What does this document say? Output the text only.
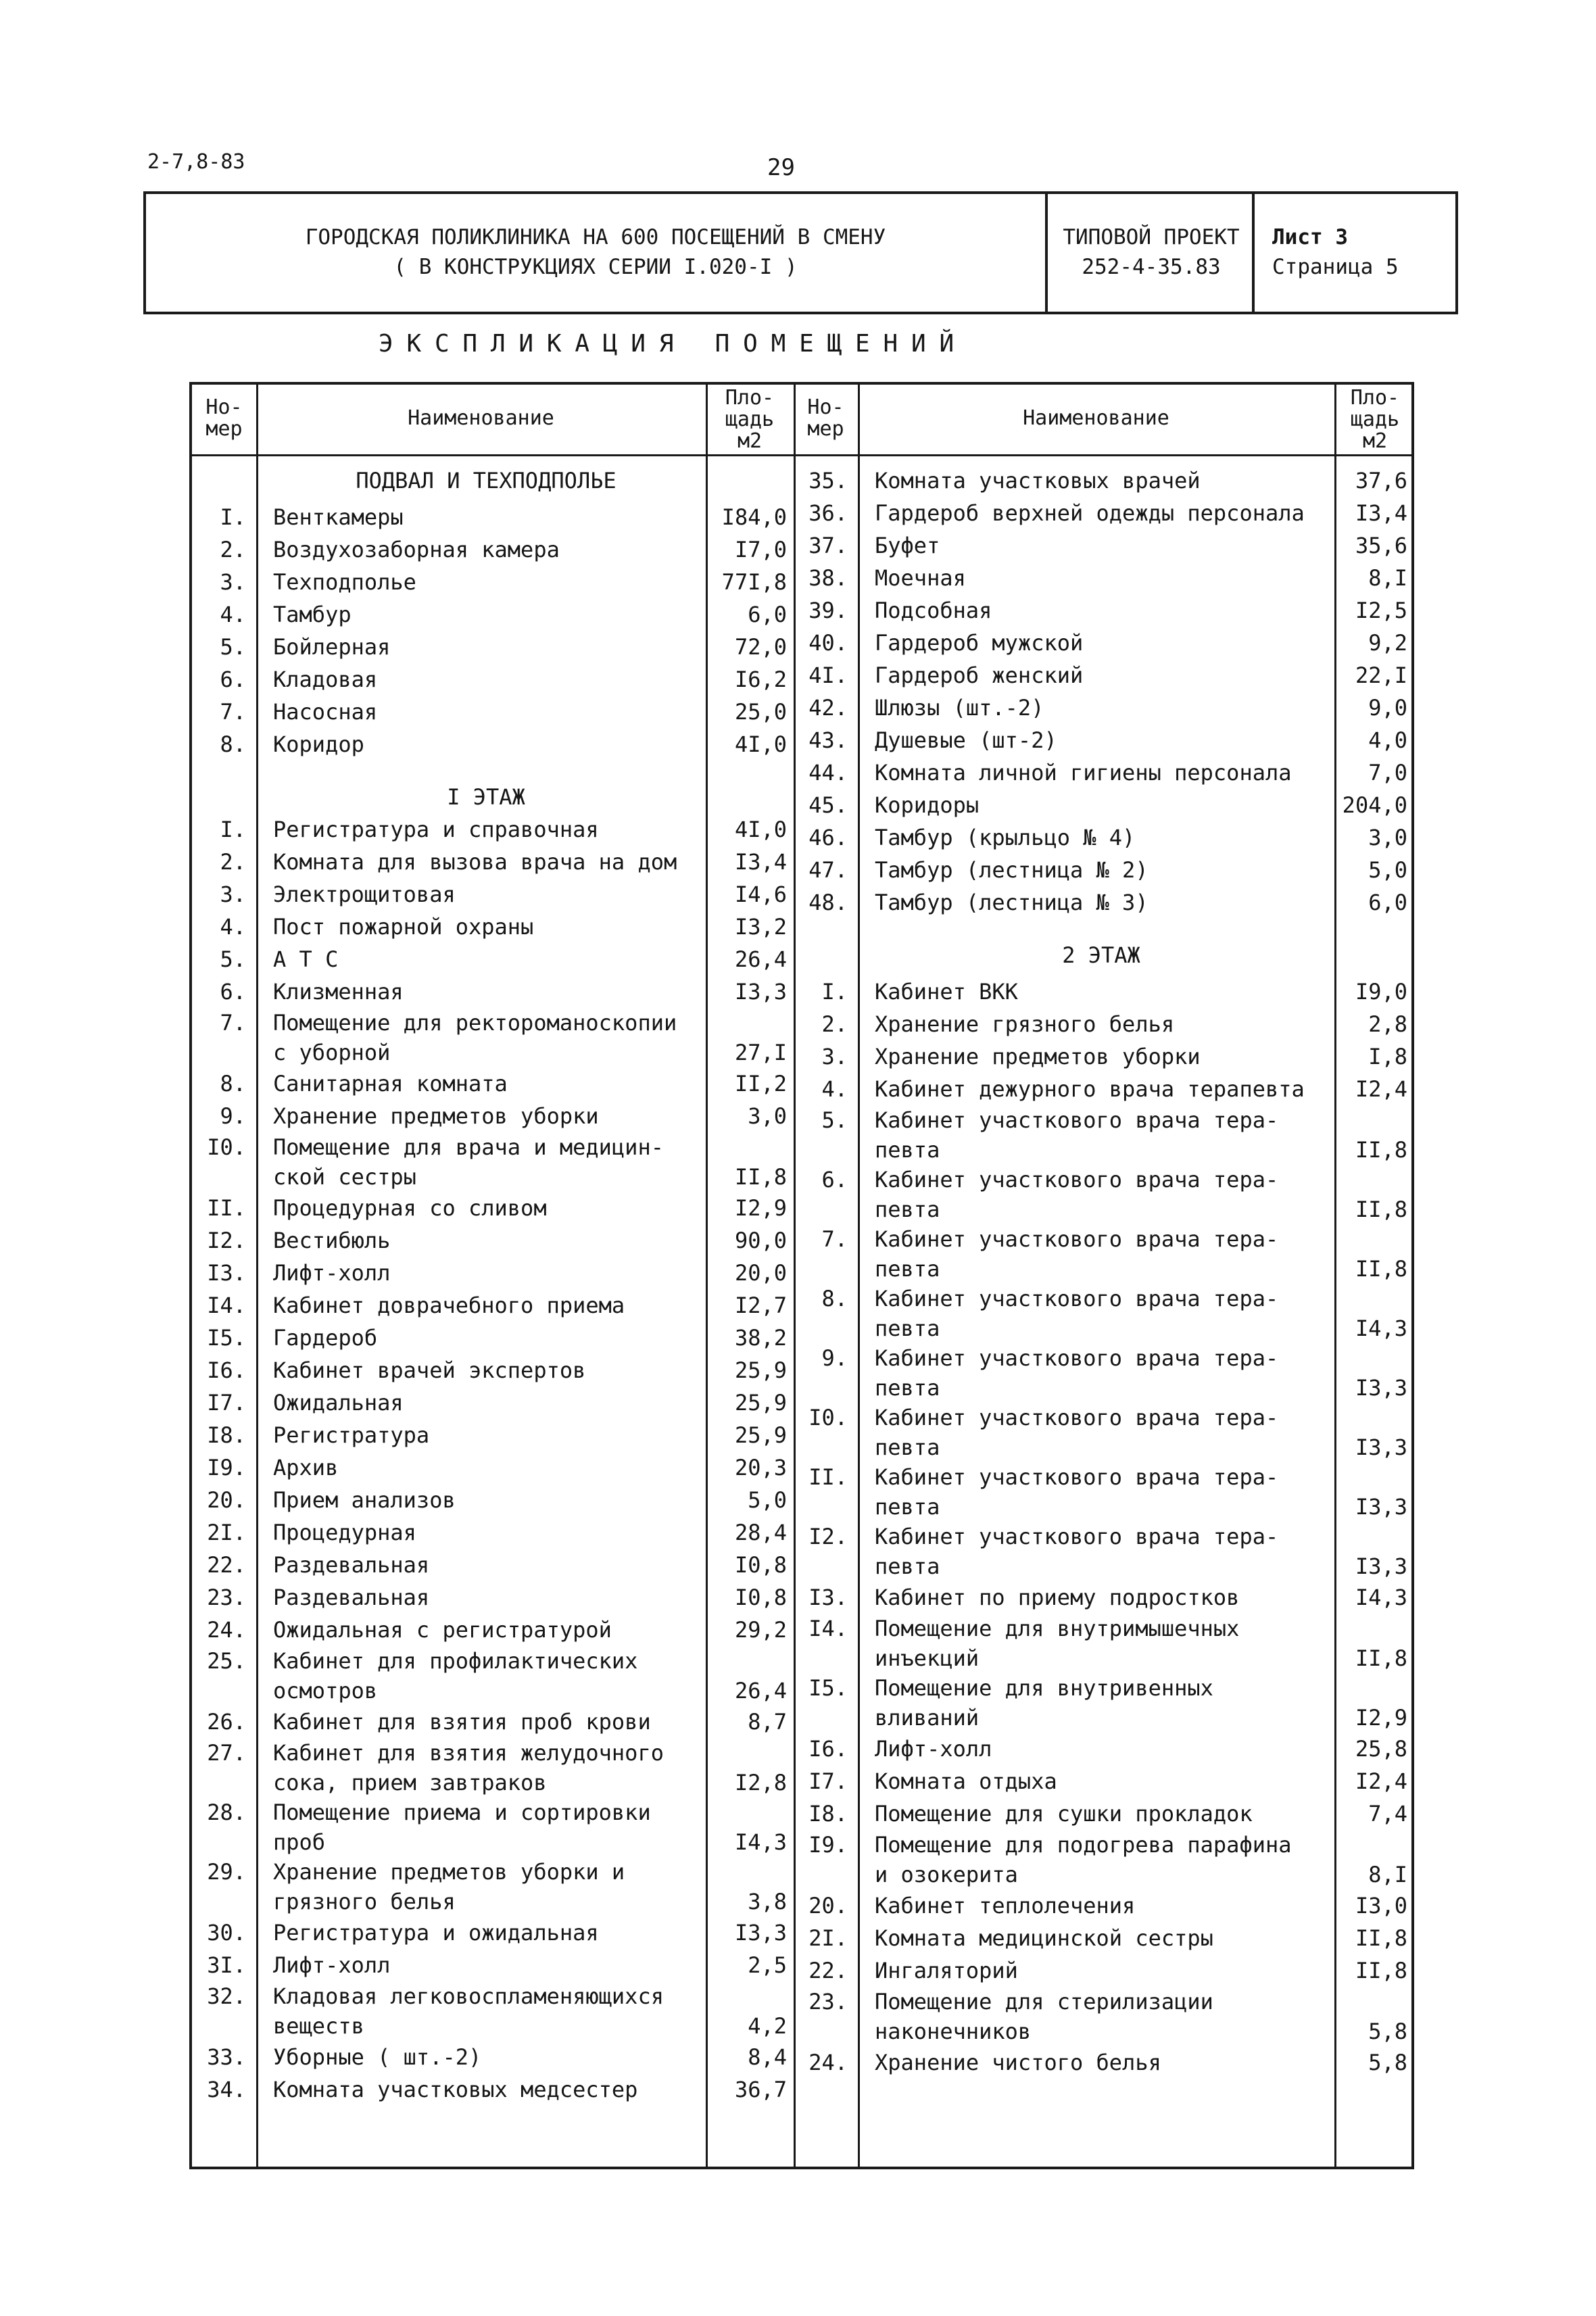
2-7,8-83	29
ГОРОДСКАЯ ПОЛИКЛИНИКА НА 600 ПОСЕЩЕНИЙ В СМЕНУ
( В КОНСТРУКЦИЯХ СЕРИИ I.020-I )
ТИПОВОЙ ПРОЕКТ
252-4-35.83
Лист 3
Страница 5
ЭКСПЛИКАЦИЯ ПОМЕЩЕНИЙ
Но-
мер	Наименование
Пло-
щадь
м2
Но-
мер	Наименование
Пло-
щадь
м2
ПОДВАЛ И ТЕХПОДПОЛЬЕ
I. Венткамеры	I84,0
2. Воздухозаборная камера	I7,0
3. Техподполье	77I,8
4. Тамбур	6,0
5. Бойлерная	72,0
6. Кладовая	I6,2
7. Насосная	25,0
8. Коридор	4I,0
I ЭТАЖ
I. Регистратура и справочная	4I,0
2. Комната для вызова врача на дом	I3,4
3. Электрощитовая	I4,6
4. Пост пожарной охраны	I3,2
5. А Т С	26,4
6. Клизменная	I3,3
7. Помещение для ректороманоскопии
с уборной	27,I
8. Санитарная комната	II,2
9. Хранение предметов уборки	3,0
I0. Помещение для врача и медицин-
ской сестры	II,8
II. Процедурная со сливом	I2,9
I2. Вестибюль	90,0
I3. Лифт-холл	20,0
I4. Кабинет доврачебного приема	I2,7
I5. Гардероб	38,2
I6. Кабинет врачей экспертов	25,9
I7. Ожидальная	25,9
I8. Регистратура	25,9
I9. Архив	20,3
20. Прием анализов	5,0
2I. Процедурная	28,4
22. Раздевальная	I0,8
23. Раздевальная	I0,8
24. Ожидальная с регистратурой	29,2
25. Кабинет для профилактических
осмотров	26,4
26. Кабинет для взятия проб крови	8,7
27. Кабинет для взятия желудочного
сока, прием завтраков	I2,8
28. Помещение приема и сортировки
проб	I4,3
29. Хранение предметов уборки и
грязного белья	3,8
30. Регистратура и ожидальная	I3,3
3I. Лифт-холл	2,5
32. Кладовая легковоспламеняющихся
веществ	4,2
33. Уборные ( шт.-2)	8,4
34. Комната участковых медсестер	36,7
35. Комната участковых врачей	37,6
36. Гардероб верхней одежды персонала	I3,4
37. Буфет	35,6
38. Моечная	8,I
39. Подсобная	I2,5
40. Гардероб мужской	9,2
4I. Гардероб женский	22,I
42. Шлюзы (шт.-2)	9,0
43. Душевые (шт-2)	4,0
44. Комната личной гигиены персонала	7,0
45. Коридоры	204,0
46. Тамбур (крыльцо № 4)	3,0
47. Тамбур (лестница № 2)	5,0
48. Тамбур (лестница № 3)	6,0
2 ЭТАЖ
I. Кабинет ВКК	I9,0
2. Хранение грязного белья	2,8
3. Хранение предметов уборки	I,8
4. Кабинет дежурного врача терапевта	I2,4
5. Кабинет участкового врача тера-
певта	II,8
6. Кабинет участкового врача тера-
певта	II,8
7. Кабинет участкового врача тера-
певта	II,8
8. Кабинет участкового врача тера-
певта	I4,3
9. Кабинет участкового врача тера-
певта	I3,3
I0. Кабинет участкового врача тера-
певта	I3,3
II. Кабинет участкового врача тера-
певта	I3,3
I2. Кабинет участкового врача тера-
певта	I3,3
I3. Кабинет по приему подростков	I4,3
I4. Помещение для внутримышечных
инъекций	II,8
I5. Помещение для внутривенных
вливаний	I2,9
I6. Лифт-холл	25,8
I7. Комната отдыха	I2,4
I8. Помещение для сушки прокладок	7,4
I9. Помещение для подогрева парафина
и озокерита	8,I
20. Кабинет теплолечения	I3,0
2I. Комната медицинской сестры	II,8
22. Ингаляторий	II,8
23. Помещение для стерилизации
наконечников	5,8
24. Хранение чистого белья	5,8
